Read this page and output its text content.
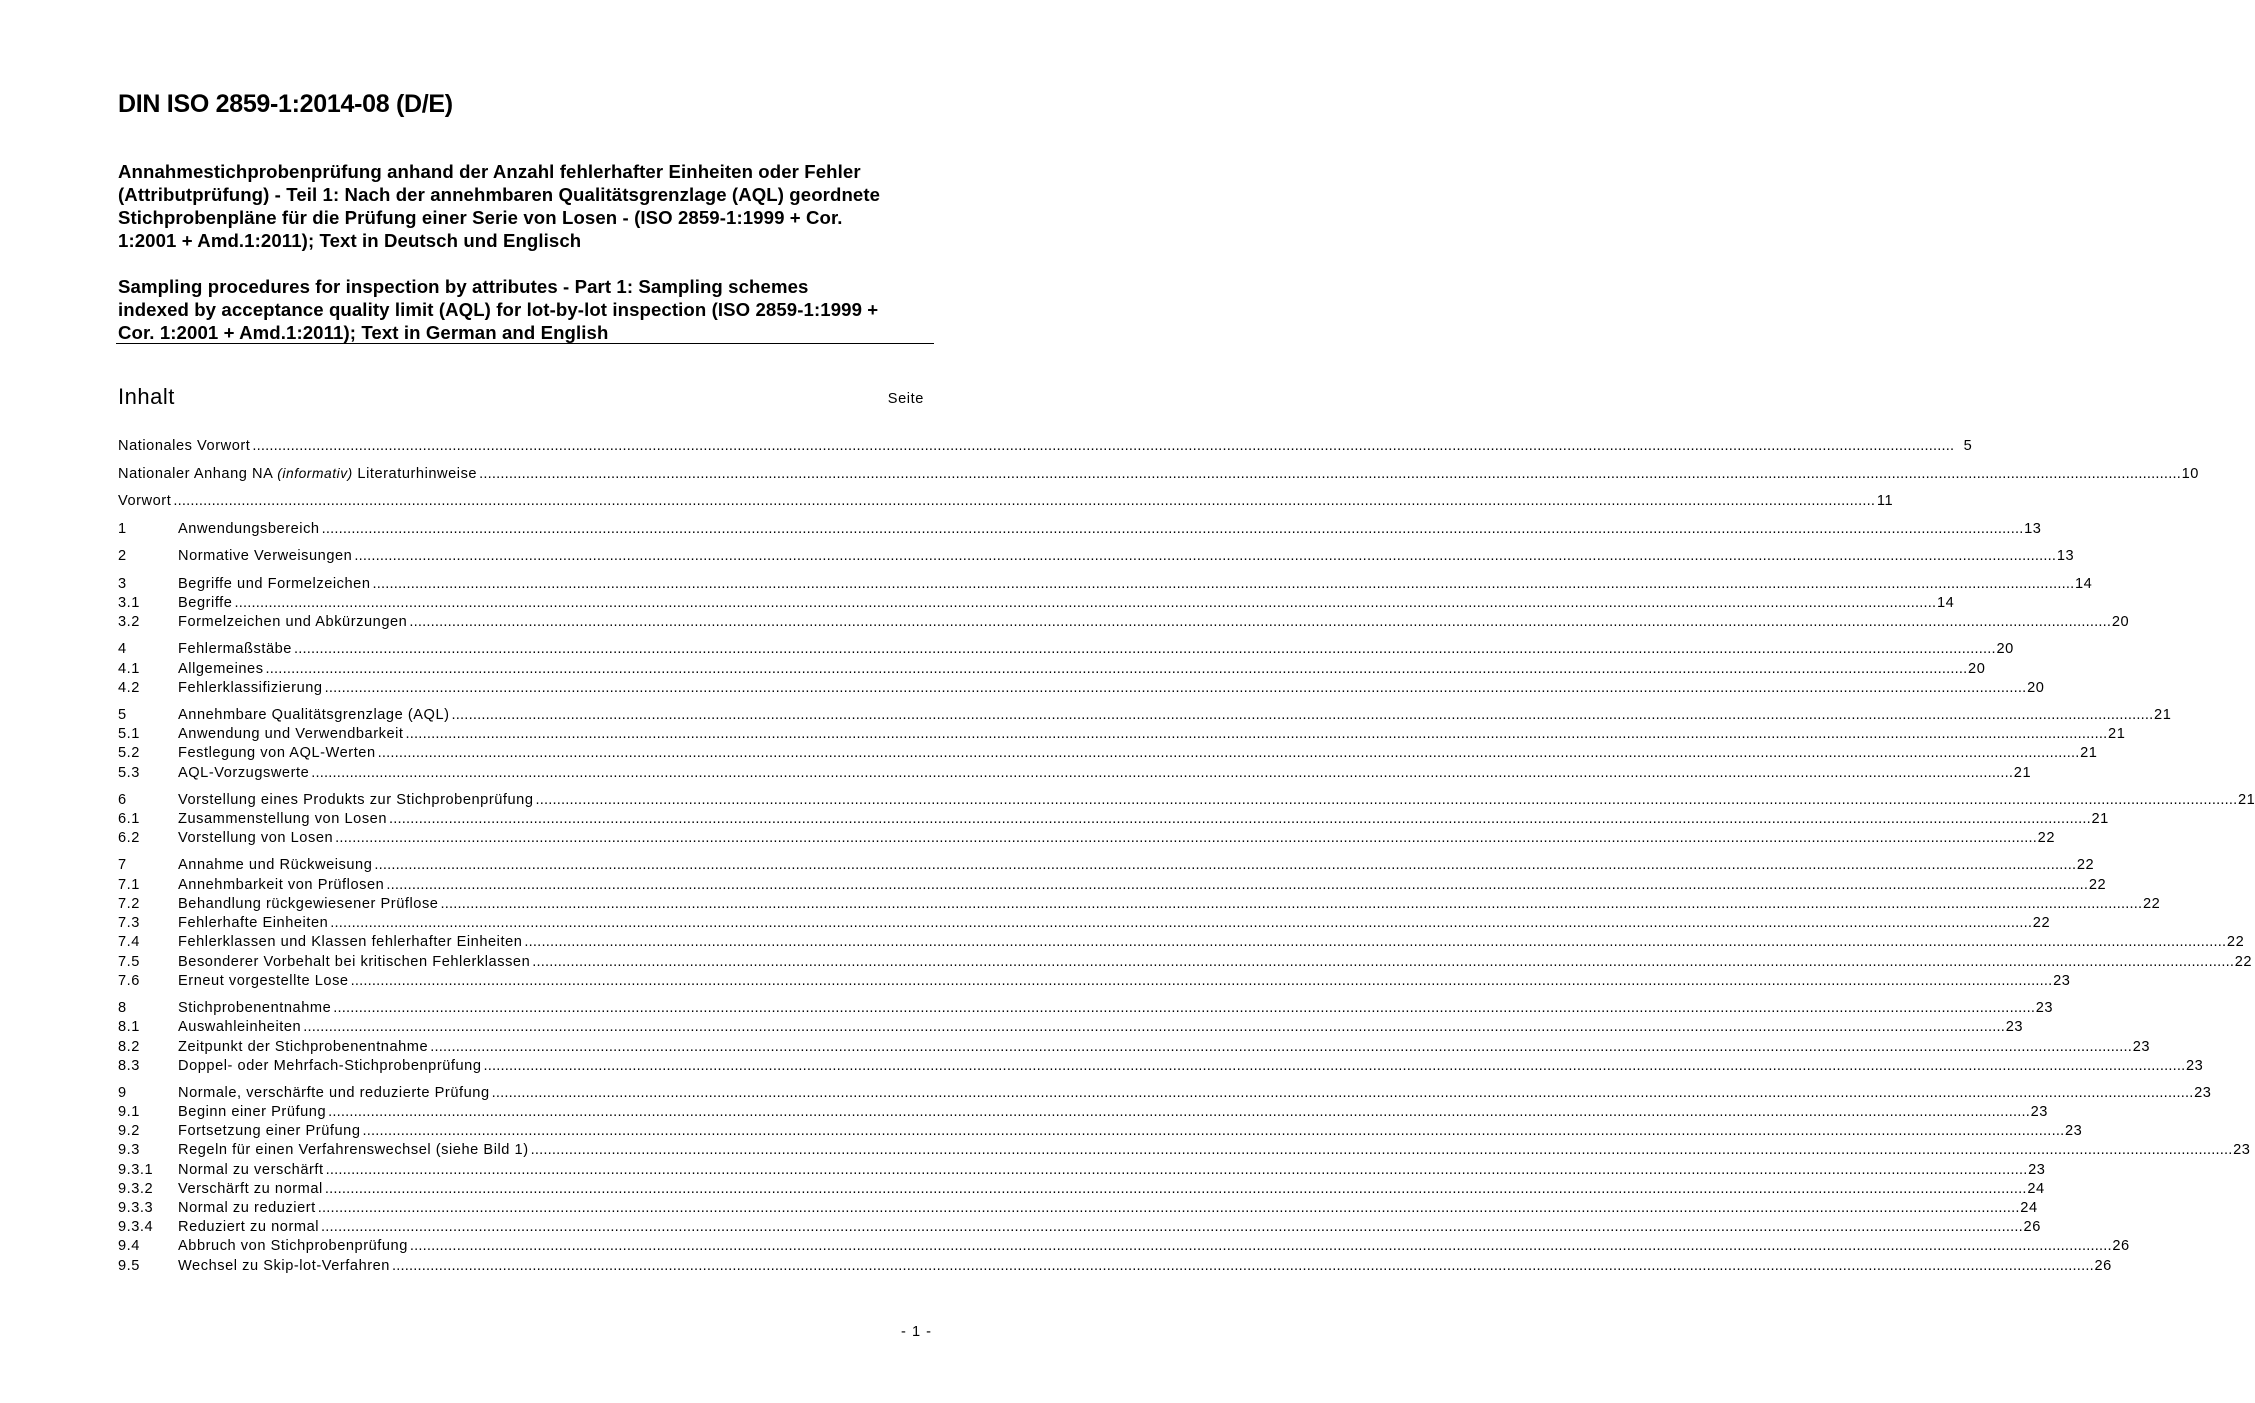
DIN ISO 2859-1:2014-08 (D/E)
Annahmestichprobenprüfung anhand der Anzahl fehlerhafter Einheiten oder Fehler
(Attributprüfung) - Teil 1: Nach der annehmbaren Qualitätsgrenzlage (AQL) geordnete
Stichprobenpläne für die Prüfung einer Serie von Losen - (ISO 2859-1:1999 + Cor.
1:2001 + Amd.1:2011); Text in Deutsch und Englisch
Sampling procedures for inspection by attributes - Part 1: Sampling schemes
indexed by acceptance quality limit (AQL) for lot-by-lot inspection (ISO 2859-1:1999 +
Cor. 1:2001 + Amd.1:2011); Text in German and English
Inhalt	Seite
Nationales Vorwort ................................................................................................................................................................................................................................................................................................................................................................................................................ 5
Nationaler Anhang NA (informativ) Literaturhinweise ................................................................................................................................................................................................................................................................................................................................................................................................................ 10
Vorwort ................................................................................................................................................................................................................................................................................................................................................................................................................ 11
1	Anwendungsbereich ................................................................................................................................................................................................................................................................................................................................................................................................................ 13
2	Normative Verweisungen ................................................................................................................................................................................................................................................................................................................................................................................................................ 13
3	Begriffe und Formelzeichen ................................................................................................................................................................................................................................................................................................................................................................................................................ 14
3.1	Begriffe ................................................................................................................................................................................................................................................................................................................................................................................................................ 14
3.2	Formelzeichen und Abkürzungen ................................................................................................................................................................................................................................................................................................................................................................................................................ 20
4	Fehlermaßstäbe ................................................................................................................................................................................................................................................................................................................................................................................................................ 20
4.1	Allgemeines ................................................................................................................................................................................................................................................................................................................................................................................................................ 20
4.2	Fehlerklassifizierung ................................................................................................................................................................................................................................................................................................................................................................................................................ 20
5	Annehmbare Qualitätsgrenzlage (AQL) ................................................................................................................................................................................................................................................................................................................................................................................................................ 21
5.1	Anwendung und Verwendbarkeit ................................................................................................................................................................................................................................................................................................................................................................................................................ 21
5.2	Festlegung von AQL-Werten ................................................................................................................................................................................................................................................................................................................................................................................................................ 21
5.3	AQL-Vorzugswerte ................................................................................................................................................................................................................................................................................................................................................................................................................ 21
6	Vorstellung eines Produkts zur Stichprobenprüfung ................................................................................................................................................................................................................................................................................................................................................................................................................ 21
6.1	Zusammenstellung von Losen ................................................................................................................................................................................................................................................................................................................................................................................................................ 21
6.2	Vorstellung von Losen ................................................................................................................................................................................................................................................................................................................................................................................................................ 22
7	Annahme und Rückweisung ................................................................................................................................................................................................................................................................................................................................................................................................................ 22
7.1	Annehmbarkeit von Prüflosen ................................................................................................................................................................................................................................................................................................................................................................................................................ 22
7.2	Behandlung rückgewiesener Prüflose ................................................................................................................................................................................................................................................................................................................................................................................................................ 22
7.3	Fehlerhafte Einheiten ................................................................................................................................................................................................................................................................................................................................................................................................................ 22
7.4	Fehlerklassen und Klassen fehlerhafter Einheiten ................................................................................................................................................................................................................................................................................................................................................................................................................ 22
7.5	Besonderer Vorbehalt bei kritischen Fehlerklassen ................................................................................................................................................................................................................................................................................................................................................................................................................ 22
7.6	Erneut vorgestellte Lose ................................................................................................................................................................................................................................................................................................................................................................................................................ 23
8	Stichprobenentnahme ................................................................................................................................................................................................................................................................................................................................................................................................................ 23
8.1	Auswahleinheiten ................................................................................................................................................................................................................................................................................................................................................................................................................ 23
8.2	Zeitpunkt der Stichprobenentnahme ................................................................................................................................................................................................................................................................................................................................................................................................................ 23
8.3	Doppel- oder Mehrfach-Stichprobenprüfung ................................................................................................................................................................................................................................................................................................................................................................................................................ 23
9	Normale, verschärfte und reduzierte Prüfung ................................................................................................................................................................................................................................................................................................................................................................................................................ 23
9.1	Beginn einer Prüfung ................................................................................................................................................................................................................................................................................................................................................................................................................ 23
9.2	Fortsetzung einer Prüfung ................................................................................................................................................................................................................................................................................................................................................................................................................ 23
9.3	Regeln für einen Verfahrenswechsel (siehe Bild 1) ................................................................................................................................................................................................................................................................................................................................................................................................................ 23
9.3.1	Normal zu verschärft ................................................................................................................................................................................................................................................................................................................................................................................................................ 23
9.3.2	Verschärft zu normal ................................................................................................................................................................................................................................................................................................................................................................................................................ 24
9.3.3	Normal zu reduziert ................................................................................................................................................................................................................................................................................................................................................................................................................ 24
9.3.4	Reduziert zu normal ................................................................................................................................................................................................................................................................................................................................................................................................................ 26
9.4	Abbruch von Stichprobenprüfung ................................................................................................................................................................................................................................................................................................................................................................................................................ 26
9.5	Wechsel zu Skip-lot-Verfahren ................................................................................................................................................................................................................................................................................................................................................................................................................ 26
- 1 -
